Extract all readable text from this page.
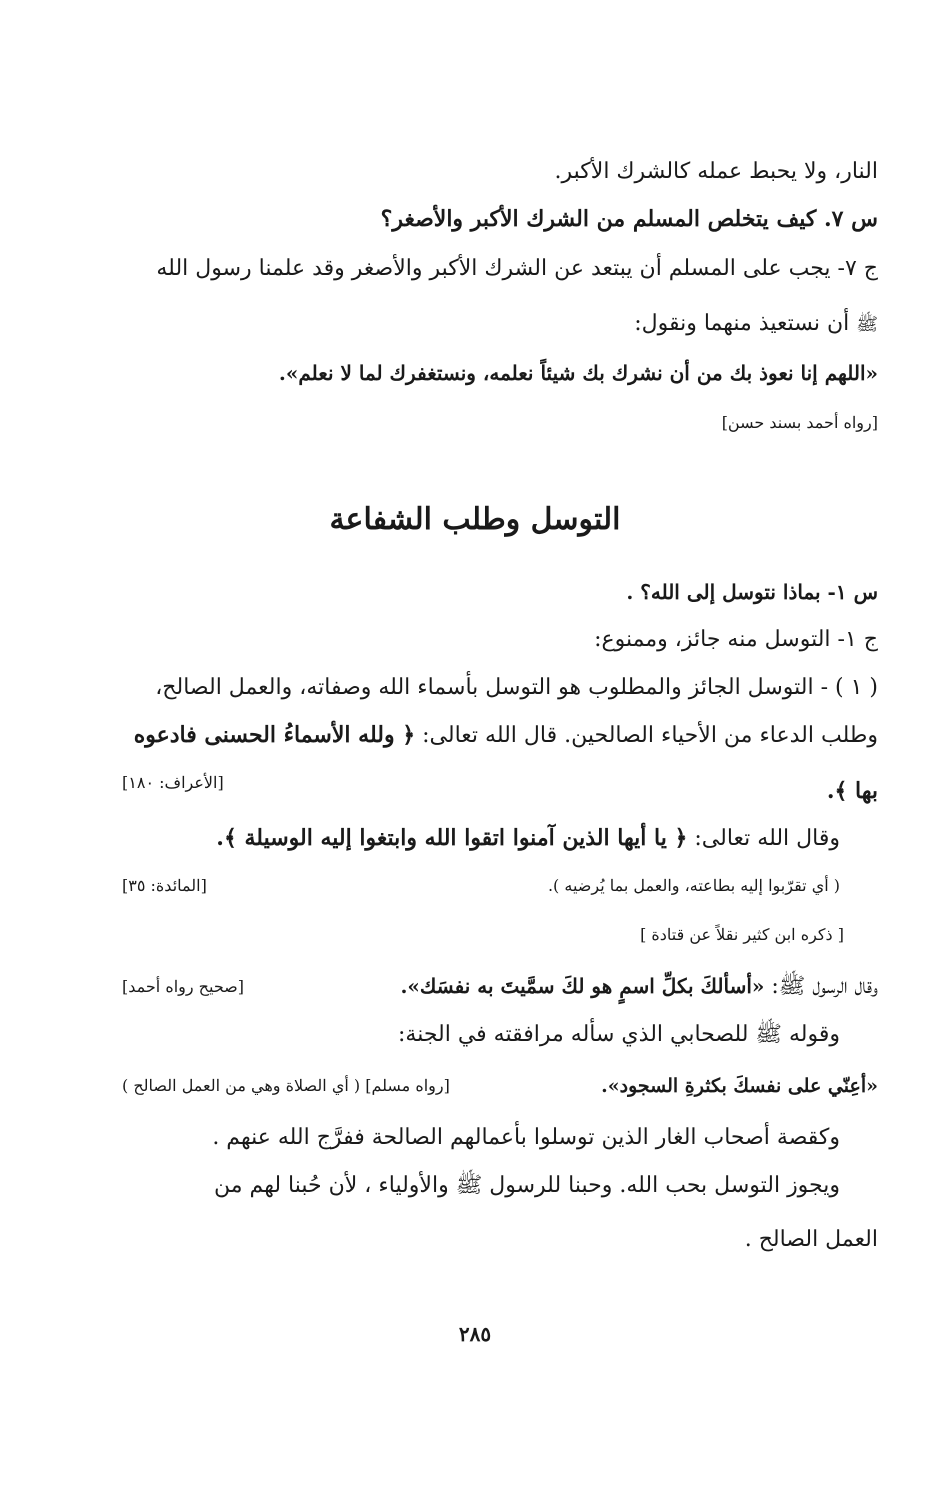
النار، ولا يحبط عمله كالشرك الأكبر.
س ٧. كيف يتخلص المسلم من الشرك الأكبر والأصغر؟
ج ٧- يجب على المسلم أن يبتعد عن الشرك الأكبر والأصغر وقد علمنا رسول الله
ﷺ أن نستعيذ منهما ونقول:
«اللهم إنا نعوذ بك من أن نشرك بك شيئاً نعلمه، ونستغفرك لما لا نعلم».
[رواه أحمد بسند حسن]
التوسل وطلب الشفاعة
س ١- بماذا نتوسل إلى الله؟ .
ج ١- التوسل منه جائز، وممنوع:
( ١ ) - التوسل الجائز والمطلوب هو التوسل بأسماء الله وصفاته، والعمل الصالح،
وطلب الدعاء من الأحياء الصالحين. قال الله تعالى: ﴿ ولله الأسماءُ الحسنى فادعوه
بها ﴾.
[الأعراف: ١٨٠]
وقال الله تعالى: ﴿ يا أيها الذين آمنوا اتقوا الله وابتغوا إليه الوسيلة ﴾.
( أي تقرّبوا إليه بطاعته، والعمل بما يُرضيه ).
[المائدة: ٣٥]
[ ذكره ابن كثير نقلاً عن قتادة ]
وقال الرسول ﷺ: «أسألكَ بكلِّ اسمٍ هو لكَ سمَّيتَ به نفسَك».
[صحيح رواه أحمد]
وقوله ﷺ للصحابي الذي سأله مرافقته في الجنة:
«أعِنّي على نفسكَ بكثرةِ السجود».
[رواه مسلم] ( أي الصلاة وهي من العمل الصالح )
وكقصة أصحاب الغار الذين توسلوا بأعمالهم الصالحة ففرَّج الله عنهم .
ويجوز التوسل بحب الله. وحبنا للرسول ﷺ والأولياء ، لأن حُبنا لهم من
العمل الصالح .
٢٨٥
